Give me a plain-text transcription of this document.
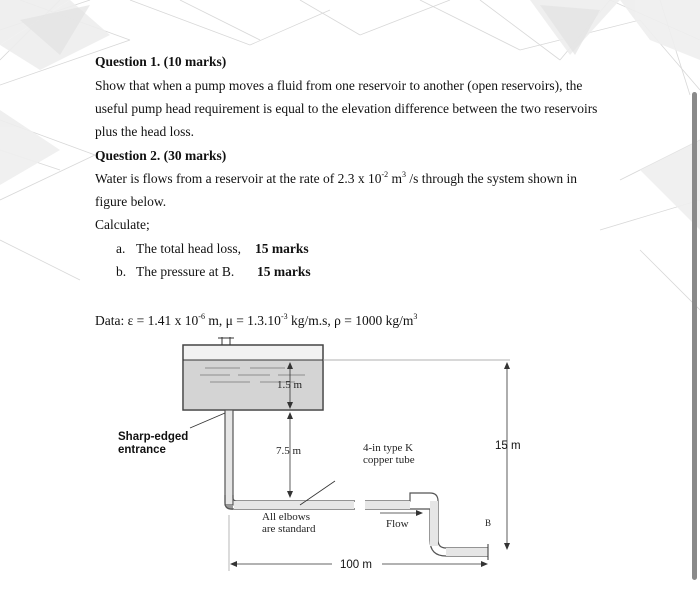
Question 1. (10 marks)
Show that when a pump moves a fluid from one reservoir to another (open reservoirs), the
useful pump head requirement is equal to the elevation difference between the two reservoirs
plus the head loss.
Question 2. (30 marks)
Water is flows from a reservoir at the rate of 2.3 x $10^{-2}$ $m^3$ /s through the system shown in
figure below.
Calculate;
a. The total head loss, 15 marks
b. The pressure at B. 15 marks
Data: ε = 1.41 x $10^{-6}$ m, $\mu = 1.3.10^{-3}$ kg/m.s, ρ = 1000 $kg/m^3$
1.5 m
7.5 m
Sharp-edged
entrance	4-in type K
copper tube
15 m
All elbows
are standard	Flow	B
100 m
